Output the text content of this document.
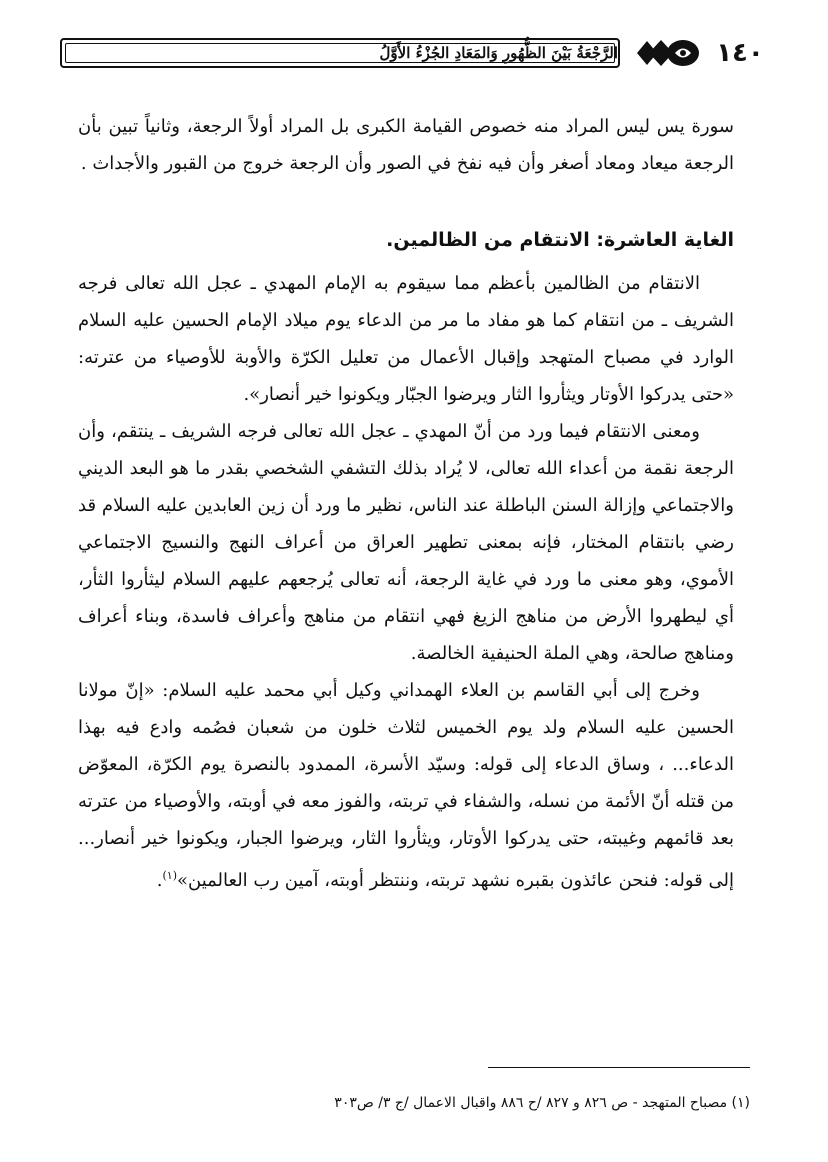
١٤٠
الرَّجْعَةُ بَيْنَ الظُّهُورِ وَالمَعَادِ الجُزْءُ الأَوَّلُ

سورة يس ليس المراد منه خصوص القيامة الكبرى بل المراد أولاً الرجعة، وثانياً تبين بأن الرجعة ميعاد ومعاد أصغر وأن فيه نفخ في الصور وأن الرجعة خروج من القبور والأجداث .

الغاية العاشرة: الانتقام من الظالمين.

الانتقام من الظالمين بأعظم مما سيقوم به الإمام المهدي ـ عجل الله تعالى فرجه الشريف ـ من انتقام كما هو مفاد ما مر من الدعاء يوم ميلاد الإمام الحسين عليه السلام الوارد في مصباح المتهجد وإقبال الأعمال من تعليل الكرّة والأوبة للأوصياء من عترته: «حتى يدركوا الأوتار ويثأروا الثار ويرضوا الجبّار ويكونوا خير أنصار».

ومعنى الانتقام فيما ورد من أنّ المهدي ـ عجل الله تعالى فرجه الشريف ـ ينتقم، وأن الرجعة نقمة من أعداء الله تعالى، لا يُراد بذلك التشفي الشخصي بقدر ما هو البعد الديني والاجتماعي وإزالة السنن الباطلة عند الناس، نظير ما ورد أن زين العابدين عليه السلام قد رضي بانتقام المختار، فإنه بمعنى تطهير العراق من أعراف النهج والنسيج الاجتماعي الأموي، وهو معنى ما ورد في غاية الرجعة، أنه تعالى يُرجعهم عليهم السلام ليثأروا الثأر، أي ليطهروا الأرض من مناهج الزيغ فهي انتقام من مناهج وأعراف فاسدة، وبناء أعراف ومناهج صالحة، وهي الملة الحنيفية الخالصة.

وخرج إلى أبي القاسم بن العلاء الهمداني وكيل أبي محمد عليه السلام: «إنّ مولانا الحسين عليه السلام ولد يوم الخميس لثلاث خلون من شعبان فصُمه وادع فيه بهذا الدعاء... ، وساق الدعاء إلى قوله: وسيّد الأسرة، الممدود بالنصرة يوم الكرّة، المعوّض من قتله أنّ الأئمة من نسله، والشفاء في تربته، والفوز معه في أوبته، والأوصياء من عترته بعد قائمهم وغيبته، حتى يدركوا الأوتار، ويثأروا الثار، ويرضوا الجبار، ويكونوا خير أنصار... إلى قوله: فنحن عائذون بقبره نشهد تربته، وننتظر أوبته، آمين رب العالمين»$^{(١)}$.

(١) مصباح المتهجد - ص ٨٢٦ و ٨٢٧ /ح ٨٨٦ واقبال الاعمال /ج ٣/ ص٣٠٣
